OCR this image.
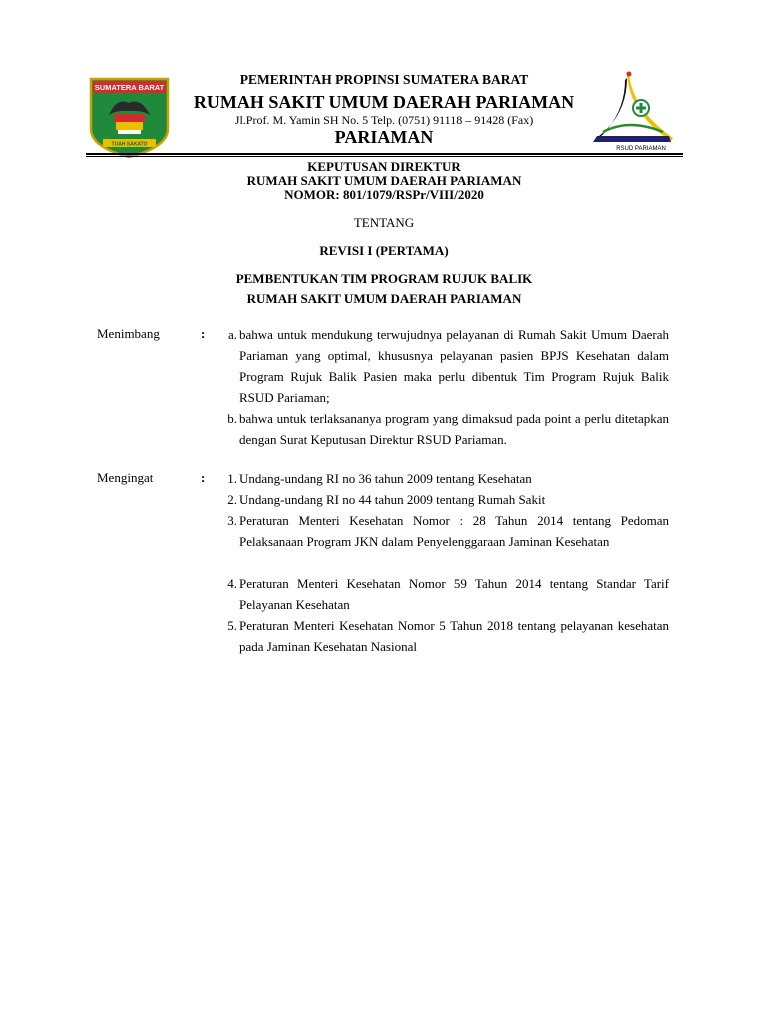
SUMATERA BARAT
TUAH SAKATO
PEMERINTAH PROPINSI SUMATERA BARAT
RUMAH SAKIT UMUM DAERAH PARIAMAN
Jl.Prof. M. Yamin SH No. 5 Telp. (0751) 91118 – 91428 (Fax)
PARIAMAN
RSUD PARIAMAN
KEPUTUSAN DIREKTUR
RUMAH SAKIT UMUM DAERAH PARIAMAN
NOMOR: 801/1079/RSPr/VIII/2020
TENTANG
REVISI I (PERTAMA)
PEMBENTUKAN TIM PROGRAM RUJUK BALIK
RUMAH SAKIT UMUM DAERAH PARIAMAN
Menimbang	:	a. bahwa untuk mendukung terwujudnya pelayanan di Rumah Sakit Umum Daerah Pariaman yang optimal, khususnya pelayanan pasien BPJS Kesehatan dalam Program Rujuk Balik Pasien maka perlu dibentuk Tim Program Rujuk Balik RSUD Pariaman;
b. bahwa untuk terlaksananya program yang dimaksud pada point a perlu ditetapkan dengan Surat Keputusan Direktur RSUD Pariaman.
Mengingat	:	1. Undang-undang RI no 36 tahun 2009 tentang Kesehatan
2. Undang-undang RI no 44 tahun 2009 tentang Rumah Sakit
3. Peraturan Menteri Kesehatan Nomor : 28 Tahun 2014 tentang Pedoman Pelaksanaan Program JKN dalam Penyelenggaraan Jaminan Kesehatan
4. Peraturan Menteri Kesehatan Nomor 59 Tahun 2014 tentang Standar Tarif Pelayanan Kesehatan
5. Peraturan Menteri Kesehatan Nomor 5 Tahun 2018 tentang pelayanan kesehatan pada Jaminan Kesehatan Nasional
